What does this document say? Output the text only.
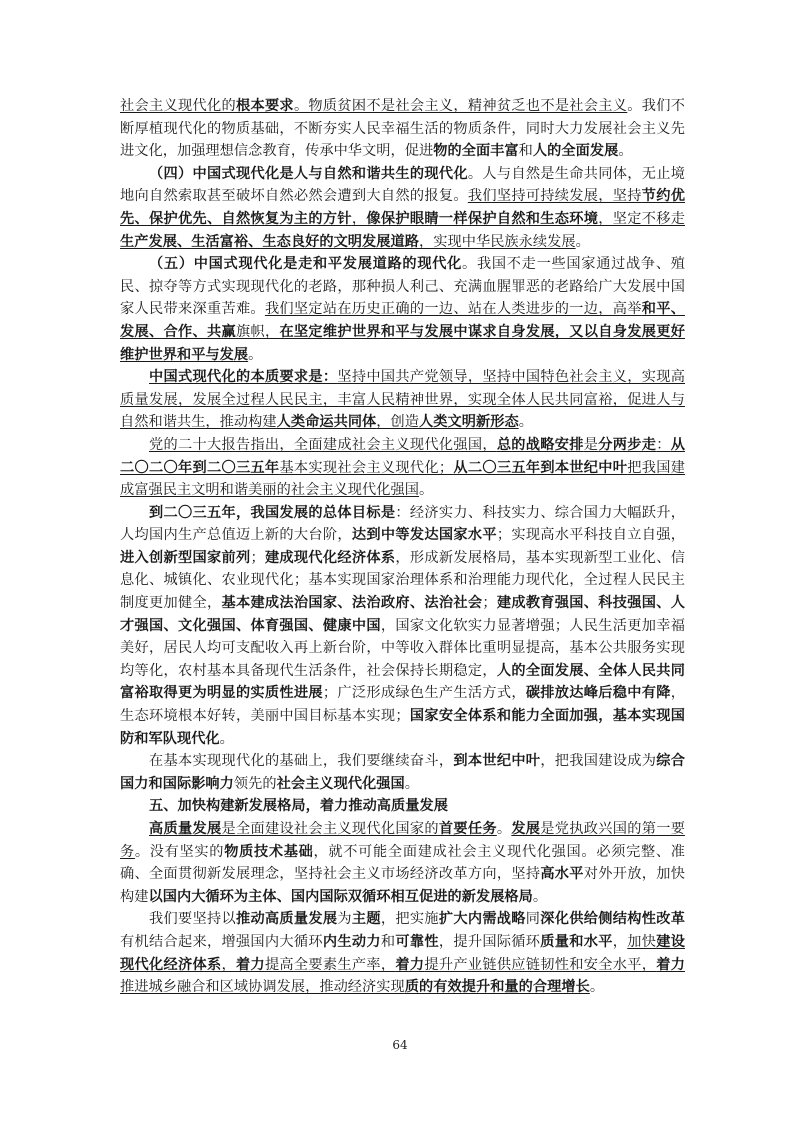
社会主义现代化的根本要求。物质贫困不是社会主义，精神贫乏也不是社会主义。我们不断厚植现代化的物质基础，不断夯实人民幸福生活的物质条件，同时大力发展社会主义先进文化，加强理想信念教育，传承中华文明，促进物的全面丰富和人的全面发展。

（四）中国式现代化是人与自然和谐共生的现代化。人与自然是生命共同体，无止境地向自然索取甚至破坏自然必然会遭到大自然的报复。我们坚持可持续发展，坚持节约优先、保护优先、自然恢复为主的方针，像保护眼睛一样保护自然和生态环境，坚定不移走生产发展、生活富裕、生态良好的文明发展道路，实现中华民族永续发展。

（五）中国式现代化是走和平发展道路的现代化。我国不走一些国家通过战争、殖民、掠夺等方式实现现代化的老路，那种损人利己、充满血腥罪恶的老路给广大发展中国家人民带来深重苦难。我们坚定站在历史正确的一边、站在人类进步的一边，高举和平、发展、合作、共赢旗帜，在坚定维护世界和平与发展中谋求自身发展，又以自身发展更好维护世界和平与发展。

中国式现代化的本质要求是：坚持中国共产党领导，坚持中国特色社会主义，实现高质量发展，发展全过程人民民主，丰富人民精神世界，实现全体人民共同富裕，促进人与自然和谐共生，推动构建人类命运共同体，创造人类文明新形态。

党的二十大报告指出，全面建成社会主义现代化强国，总的战略安排是分两步走：从二〇二〇年到二〇三五年基本实现社会主义现代化；从二〇三五年到本世纪中叶把我国建成富强民主文明和谐美丽的社会主义现代化强国。

到二〇三五年，我国发展的总体目标是：经济实力、科技实力、综合国力大幅跃升，人均国内生产总值迈上新的大台阶，达到中等发达国家水平；实现高水平科技自立自强，进入创新型国家前列；建成现代化经济体系，形成新发展格局，基本实现新型工业化、信息化、城镇化、农业现代化；基本实现国家治理体系和治理能力现代化，全过程人民民主制度更加健全，基本建成法治国家、法治政府、法治社会；建成教育强国、科技强国、人才强国、文化强国、体育强国、健康中国，国家文化软实力显著增强；人民生活更加幸福美好，居民人均可支配收入再上新台阶，中等收入群体比重明显提高，基本公共服务实现均等化，农村基本具备现代生活条件，社会保持长期稳定，人的全面发展、全体人民共同富裕取得更为明显的实质性进展；广泛形成绿色生产生活方式，碳排放达峰后稳中有降，生态环境根本好转，美丽中国目标基本实现；国家安全体系和能力全面加强，基本实现国防和军队现代化。

在基本实现现代化的基础上，我们要继续奋斗，到本世纪中叶，把我国建设成为综合国力和国际影响力领先的社会主义现代化强国。

五、加快构建新发展格局，着力推动高质量发展

高质量发展是全面建设社会主义现代化国家的首要任务。发展是党执政兴国的第一要务。没有坚实的物质技术基础，就不可能全面建成社会主义现代化强国。必须完整、准确、全面贯彻新发展理念，坚持社会主义市场经济改革方向，坚持高水平对外开放，加快构建以国内大循环为主体、国内国际双循环相互促进的新发展格局。

我们要坚持以推动高质量发展为主题，把实施扩大内需战略同深化供给侧结构性改革有机结合起来，增强国内大循环内生动力和可靠性，提升国际循环质量和水平，加快建设现代化经济体系，着力提高全要素生产率，着力提升产业链供应链韧性和安全水平，着力推进城乡融合和区域协调发展，推动经济实现质的有效提升和量的合理增长。

64
